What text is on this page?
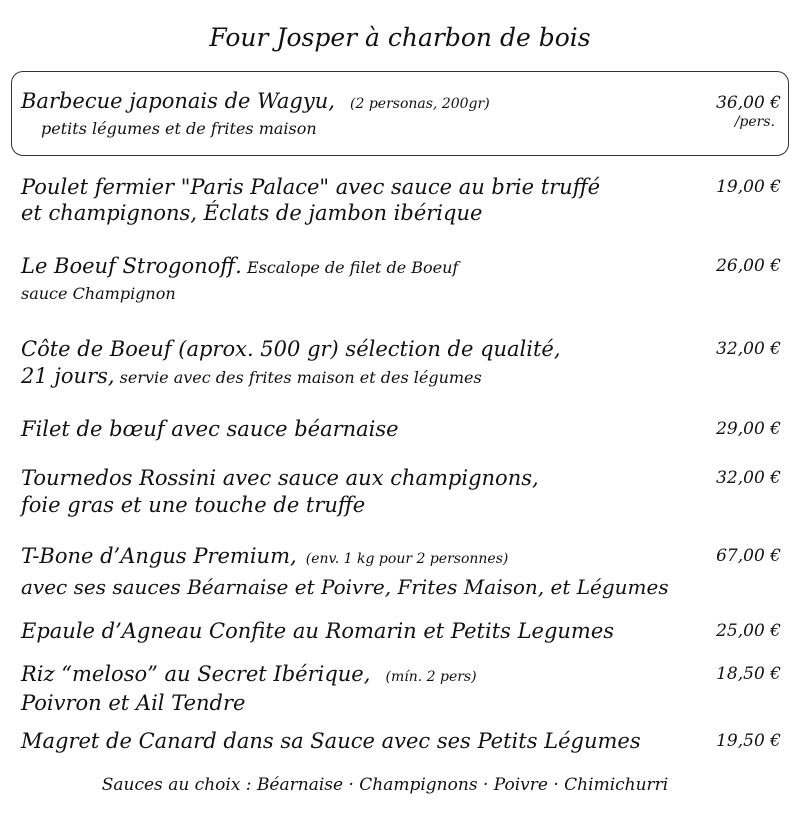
Four Josper à charbon de bois
Barbecue japonais de Wagyu, (2 personas, 200gr)
petits légumes et de frites maison
36,00 €
/pers.
Poulet fermier "Paris Palace" avec sauce au brie truffé
et champignons, Éclats de jambon ibérique
19,00 €
Le Boeuf Strogonoff. Escalope de filet de Boeuf
sauce Champignon
26,00 €
Côte de Boeuf (aprox. 500 gr) sélection de qualité,
21 jours, servie avec des frites maison et des légumes
32,00 €
Filet de bœuf avec sauce béarnaise	29,00 €
Tournedos Rossini avec sauce aux champignons,
foie gras et une touche de truffe
32,00 €
T-Bone d’Angus Premium, (env. 1 kg pour 2 personnes)
avec ses sauces Béarnaise et Poivre, Frites Maison, et Légumes
67,00 €
Epaule d’Agneau Confite au Romarin et Petits Legumes	25,00 €
Riz “meloso” au Secret Ibérique, (mín. 2 pers)
Poivron et Ail Tendre
18,50 €
Magret de Canard dans sa Sauce avec ses Petits Légumes	19,50 €
Sauces au choix : Béarnaise · Champignons · Poivre · Chimichurri
